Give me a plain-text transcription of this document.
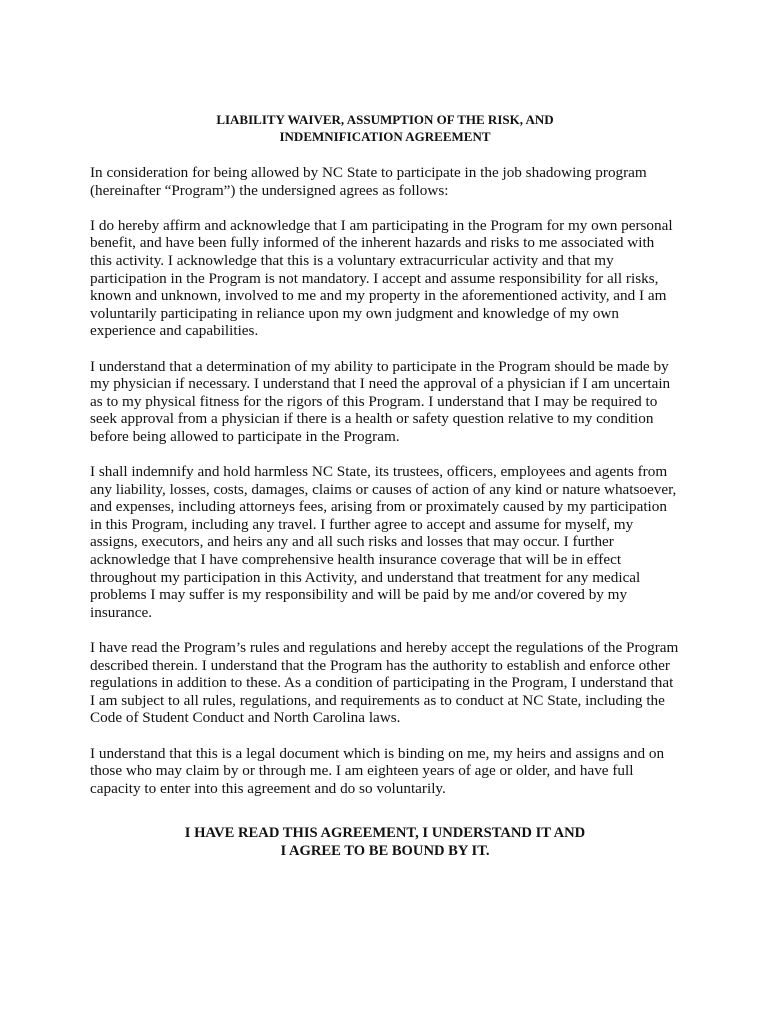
LIABILITY WAIVER, ASSUMPTION OF THE RISK, AND
INDEMNIFICATION AGREEMENT

In consideration for being allowed by NC State to participate in the job shadowing program (hereinafter “Program”) the undersigned agrees as follows:

I do hereby affirm and acknowledge that I am participating in the Program for my own personal benefit, and have been fully informed of the inherent hazards and risks to me associated with this activity. I acknowledge that this is a voluntary extracurricular activity and that my participation in the Program is not mandatory. I accept and assume responsibility for all risks, known and unknown, involved to me and my property in the aforementioned activity, and I am voluntarily participating in reliance upon my own judgment and knowledge of my own experience and capabilities.

I understand that a determination of my ability to participate in the Program should be made by my physician if necessary. I understand that I need the approval of a physician if I am uncertain as to my physical fitness for the rigors of this Program. I understand that I may be required to seek approval from a physician if there is a health or safety question relative to my condition before being allowed to participate in the Program.

I shall indemnify and hold harmless NC State, its trustees, officers, employees and agents from any liability, losses, costs, damages, claims or causes of action of any kind or nature whatsoever, and expenses, including attorneys fees, arising from or proximately caused by my participation in this Program, including any travel. I further agree to accept and assume for myself, my assigns, executors, and heirs any and all such risks and losses that may occur. I further acknowledge that I have comprehensive health insurance coverage that will be in effect throughout my participation in this Activity, and understand that treatment for any medical problems I may suffer is my responsibility and will be paid by me and/or covered by my insurance.

I have read the Program’s rules and regulations and hereby accept the regulations of the Program described therein. I understand that the Program has the authority to establish and enforce other regulations in addition to these. As a condition of participating in the Program, I understand that I am subject to all rules, regulations, and requirements as to conduct at NC State, including the Code of Student Conduct and North Carolina laws.

I understand that this is a legal document which is binding on me, my heirs and assigns and on those who may claim by or through me. I am eighteen years of age or older, and have full capacity to enter into this agreement and do so voluntarily.

I HAVE READ THIS AGREEMENT, I UNDERSTAND IT AND
I AGREE TO BE BOUND BY IT.
